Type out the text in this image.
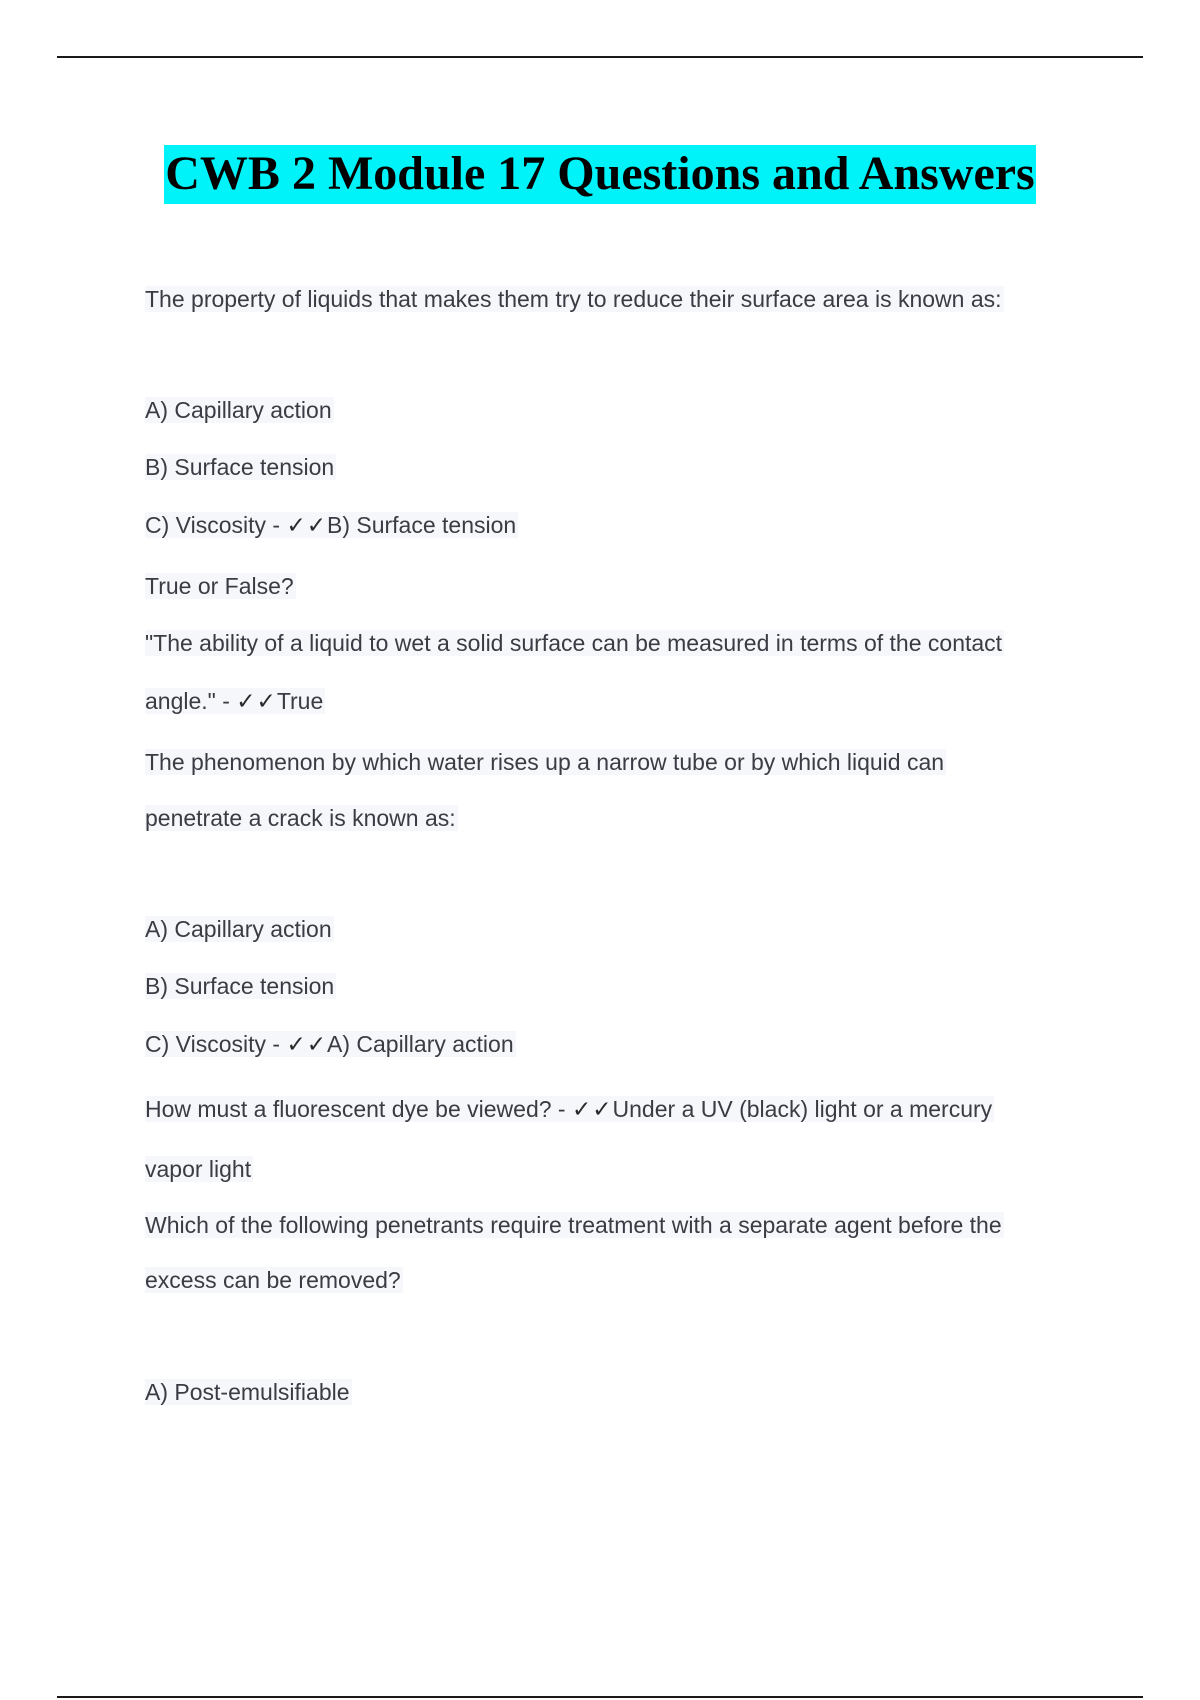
CWB 2 Module 17 Questions and Answers
The property of liquids that makes them try to reduce their surface area is known as:
A) Capillary action
B) Surface tension
C) Viscosity - ✓✓B) Surface tension
True or False?
"The ability of a liquid to wet a solid surface can be measured in terms of the contact
angle." - ✓✓True
The phenomenon by which water rises up a narrow tube or by which liquid can
penetrate a crack is known as:
A) Capillary action
B) Surface tension
C) Viscosity - ✓✓A) Capillary action
How must a fluorescent dye be viewed? - ✓✓Under a UV (black) light or a mercury
vapor light
Which of the following penetrants require treatment with a separate agent before the
excess can be removed?
A) Post-emulsifiable
